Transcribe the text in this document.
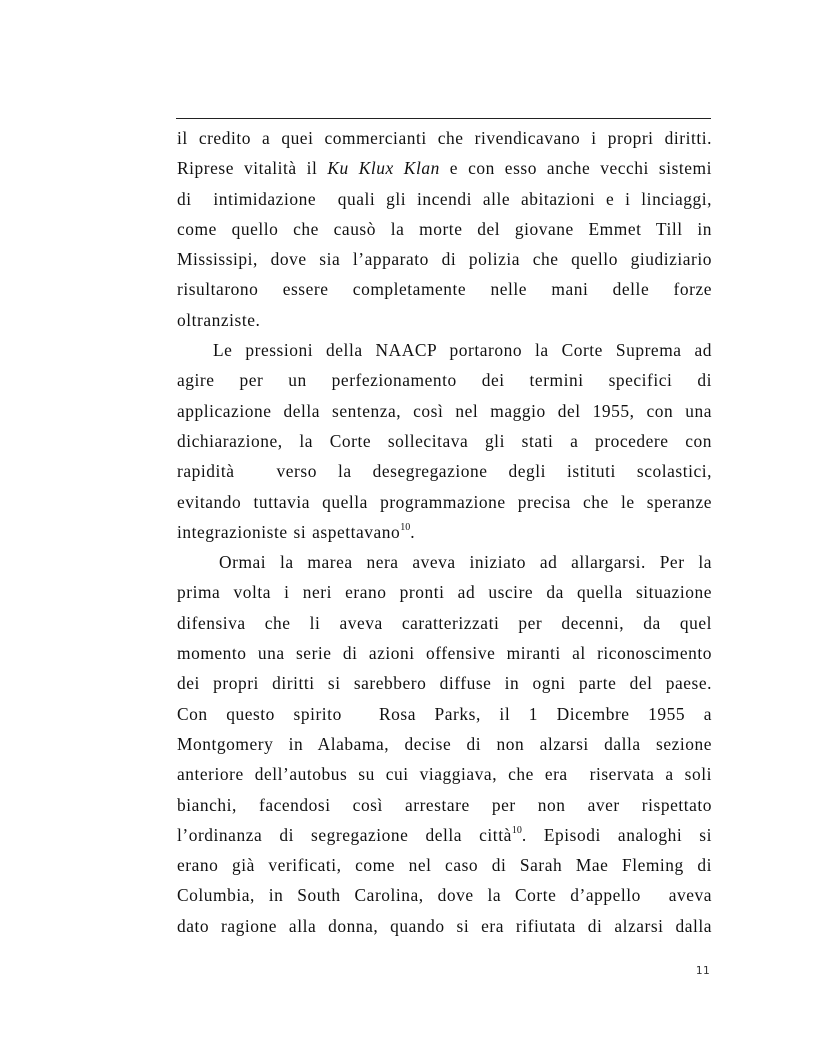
il credito a quei commercianti che rivendicavano i propri diritti.
Riprese vitalità il Ku Klux Klan e con esso anche vecchi sistemi
di  intimidazione  quali gli incendi alle abitazioni e i linciaggi,
come quello che causò la morte del giovane Emmet Till in
Mississipi, dove sia l’apparato di polizia che quello giudiziario
risultarono essere completamente nelle mani delle forze
oltranziste.
Le pressioni della NAACP portarono la Corte Suprema ad
agire per un perfezionamento dei termini specifici di
applicazione della sentenza, così nel maggio del 1955, con una
dichiarazione, la Corte sollecitava gli stati a procedere con
rapidità  verso la desegregazione degli istituti scolastici,
evitando tuttavia quella programmazione precisa che le speranze
integrazioniste si aspettavano$^{10}$.
Ormai la marea nera aveva iniziato ad allargarsi. Per la
prima volta i neri erano pronti ad uscire da quella situazione
difensiva che li aveva caratterizzati per decenni, da quel
momento una serie di azioni offensive miranti al riconoscimento
dei propri diritti si sarebbero diffuse in ogni parte del paese.
Con questo spirito  Rosa Parks, il 1 Dicembre 1955 a
Montgomery in Alabama, decise di non alzarsi dalla sezione
anteriore dell’autobus su cui viaggiava, che era  riservata a soli
bianchi, facendosi così arrestare per non aver rispettato
l’ordinanza di segregazione della città$^{10}$. Episodi analoghi si
erano già verificati, come nel caso di Sarah Mae Fleming di
Columbia, in South Carolina, dove la Corte d’appello  aveva
dato ragione alla donna, quando si era rifiutata di alzarsi dalla
11
